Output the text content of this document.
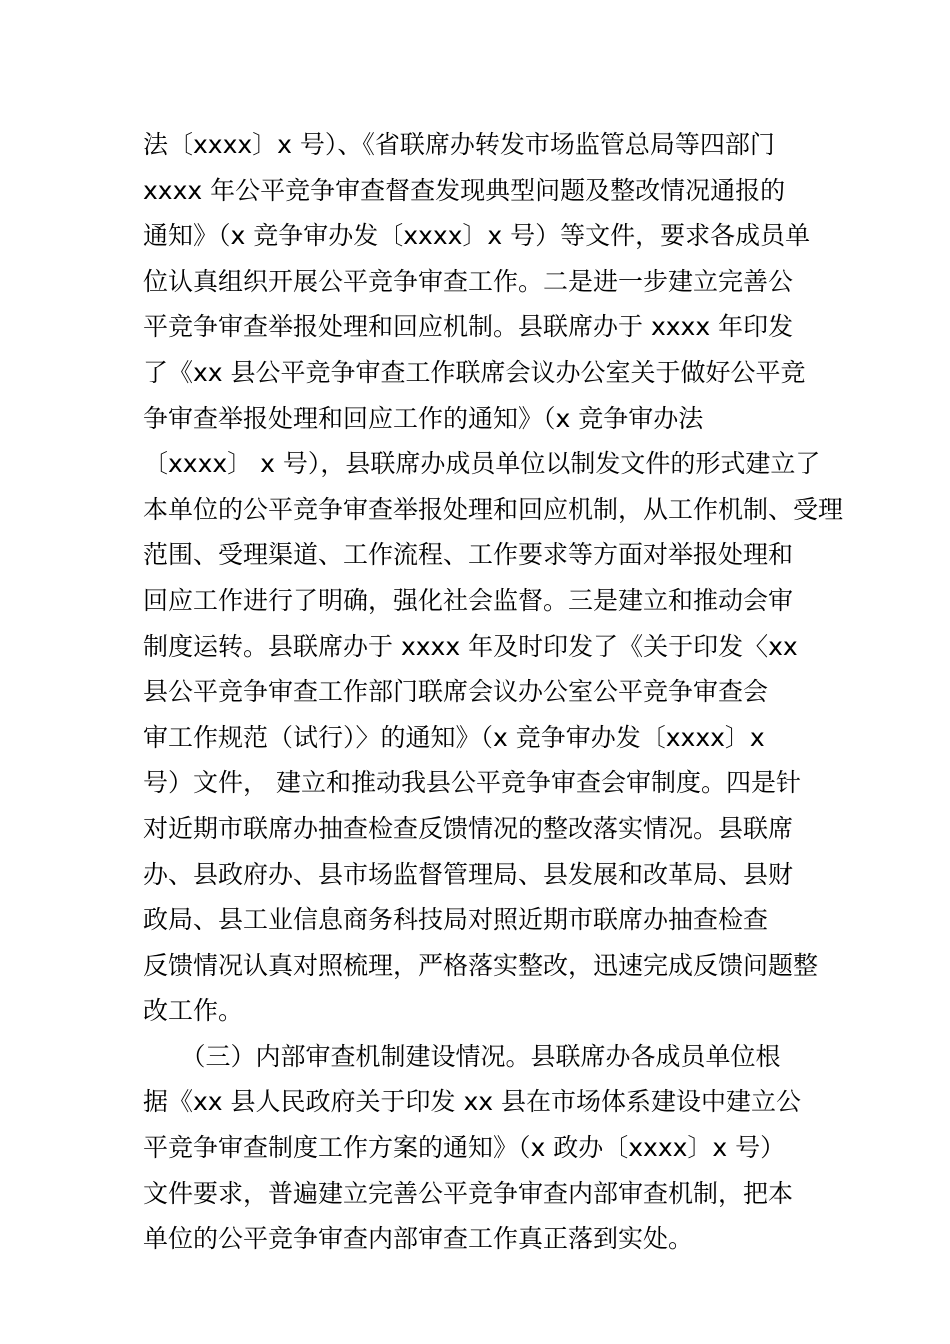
法〔xxxx〕x 号）、《省联席办转发市场监管总局等四部门
xxxx 年公平竞争审查督查发现典型问题及整改情况通报的
通知》（x 竞争审办发〔xxxx〕x 号）等文件，要求各成员单
位认真组织开展公平竞争审查工作。二是进一步建立完善公
平竞争审查举报处理和回应机制。县联席办于 xxxx 年印发
了《xx 县公平竞争审查工作联席会议办公室关于做好公平竞
争审查举报处理和回应工作的通知》（x 竞争审办法
〔xxxx〕 x 号），县联席办成员单位以制发文件的形式建立了
本单位的公平竞争审查举报处理和回应机制，从工作机制、受理
范围、受理渠道、工作流程、工作要求等方面对举报处理和
回应工作进行了明确，强化社会监督。三是建立和推动会审
制度运转。县联席办于 xxxx 年及时印发了《关于印发〈xx
县公平竞争审查工作部门联席会议办公室公平竞争审查会
审工作规范（试行）〉的通知》（x 竞争审办发〔xxxx〕x
号）文件， 建立和推动我县公平竞争审查会审制度。四是针
对近期市联席办抽查检查反馈情况的整改落实情况。县联席
办、县政府办、县市场监督管理局、县发展和改革局、县财
政局、县工业信息商务科技局对照近期市联席办抽查检查
反馈情况认真对照梳理，严格落实整改，迅速完成反馈问题整
改工作。
　　（三）内部审查机制建设情况。县联席办各成员单位根
据《xx 县人民政府关于印发 xx 县在市场体系建设中建立公
平竞争审查制度工作方案的通知》（x 政办〔xxxx〕x 号）
文件要求，普遍建立完善公平竞争审查内部审查机制，把本
单位的公平竞争审查内部审查工作真正落到实处。
